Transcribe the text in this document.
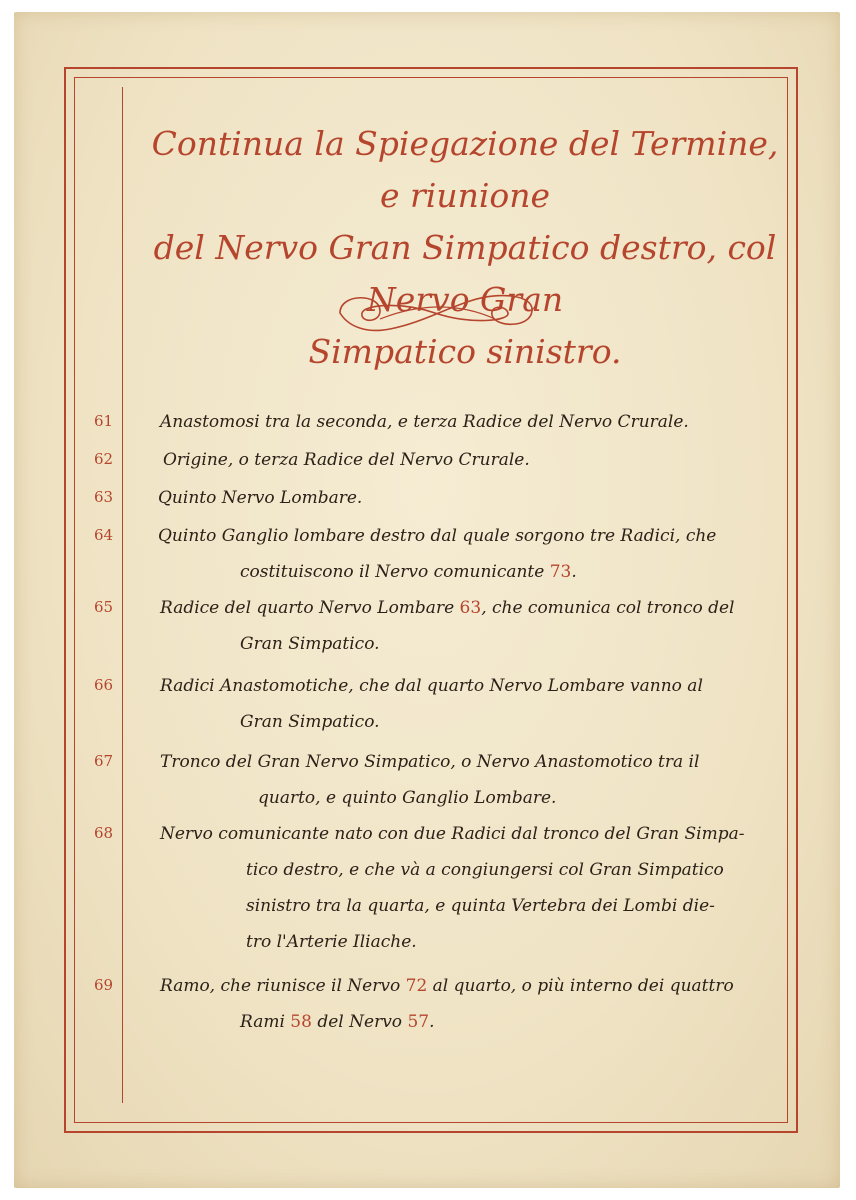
Continua la Spiegazione del Termine, e riunione
del Nervo Gran Simpatico destro, col Nervo Gran
Simpatico sinistro.
61	Anastomosi tra la seconda, e terza Radice del Nervo Crurale.
62	Origine, o terza Radice del Nervo Crurale.
63	Quinto Nervo Lombare.
64	Quinto Ganglio lombare destro dal quale sorgono tre Radici, che
costituiscono il Nervo comunicante 73.
65	Radice del quarto Nervo Lombare 63, che comunica col tronco del
Gran Simpatico.
66	Radici Anastomotiche, che dal quarto Nervo Lombare vanno al
Gran Simpatico.
67	Tronco del Gran Nervo Simpatico, o Nervo Anastomotico tra il
quarto, e quinto Ganglio Lombare.
68	Nervo comunicante nato con due Radici dal tronco del Gran Simpa-
tico destro, e che và a congiungersi col Gran Simpatico
sinistro tra la quarta, e quinta Vertebra dei Lombi die-
tro l'Arterie Iliache.
69	Ramo, che riunisce il Nervo 72 al quarto, o più interno dei quattro
Rami 58 del Nervo 57.
